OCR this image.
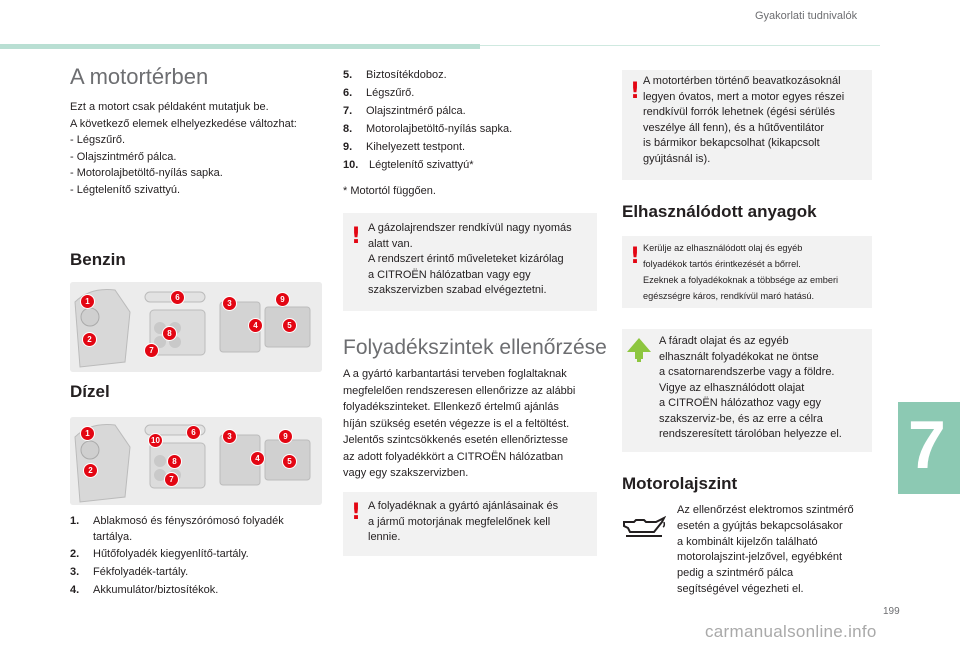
Gyakorlati tudnivalók
A motortérben
Ezt a motort csak példaként mutatjuk be.
A következő elemek elhelyezkedése változhat:
- Légszűrő.
- Olajszintmérő pálca.
- Motorolajbetöltő-nyílás sapka.
- Légtelenítő szivattyú.
Benzin
1	6
3	9
4	5
8
2
7
Dízel
1
10
6	3	9
4	5
8
2
7
1.	Ablakmosó és fényszórómosó folyadék tartálya.
2.	Hűtőfolyadék kiegyenlítő-tartály.
3.	Fékfolyadék-tartály.
4.	Akkumulátor/biztosítékok.
5.	Biztosítékdoboz.
6.	Légszűrő.
7.	Olajszintmérő pálca.
8.	Motorolajbetöltő-nyílás sapka.
9.	Kihelyezett testpont.
10. Légtelenítő szivattyú*
* Motortól függően.
! A gázolajrendszer rendkívül nagy nyomás
alatt van.
A rendszert érintő műveleteket kizárólag
a CITROËN hálózatban vagy egy
szakszervizben szabad elvégeztetni.
Folyadékszintek ellenőrzése
A a gyártó karbantartási terveben foglaltaknak
megfelelően rendszeresen ellenőrizze az alábbi
folyadékszinteket. Ellenkező értelmű ajánlás
híján szükség esetén végezze is el a feltöltést.
Jelentős szintcsökkenés esetén ellenőriztesse
az adott folyadékkört a CITROËN hálózatban
vagy egy szakszervizben.
! A folyadéknak a gyártó ajánlásainak és
a jármű motorjának megfelelőnek kell
lennie.
! A motortérben történő beavatkozásoknál
legyen óvatos, mert a motor egyes részei
rendkívül forrók lehetnek (égési sérülés
veszélye áll fenn), és a hűtőventilátor
is bármikor bekapcsolhat (kikapcsolt
gyújtásnál is).
Elhasználódott anyagok
! Kerülje az elhasználódott olaj és egyéb
folyadékok tartós érintkezését a bőrrel.
Ezeknek a folyadékoknak a többsége az emberi
egészségre káros, rendkívül maró hatású.
A fáradt olajat és az egyéb
elhasznált folyadékokat ne öntse
a csatornarendszerbe vagy a földre.
Vigye az elhasználódott olajat
a CITROËN hálózathoz vagy egy
szakszerviz-be, és az erre a célra
rendszeresített tárolóban helyezze el.
Motorolajszint
Az ellenőrzést elektromos szintmérő
esetén a gyújtás bekapcsolásakor
a kombinált kijelzőn található
motorolajszint-jelzővel, egyébként
pedig a szintmérő pálca
segítségével végezheti el.
7
199
carmanualsonline.info
